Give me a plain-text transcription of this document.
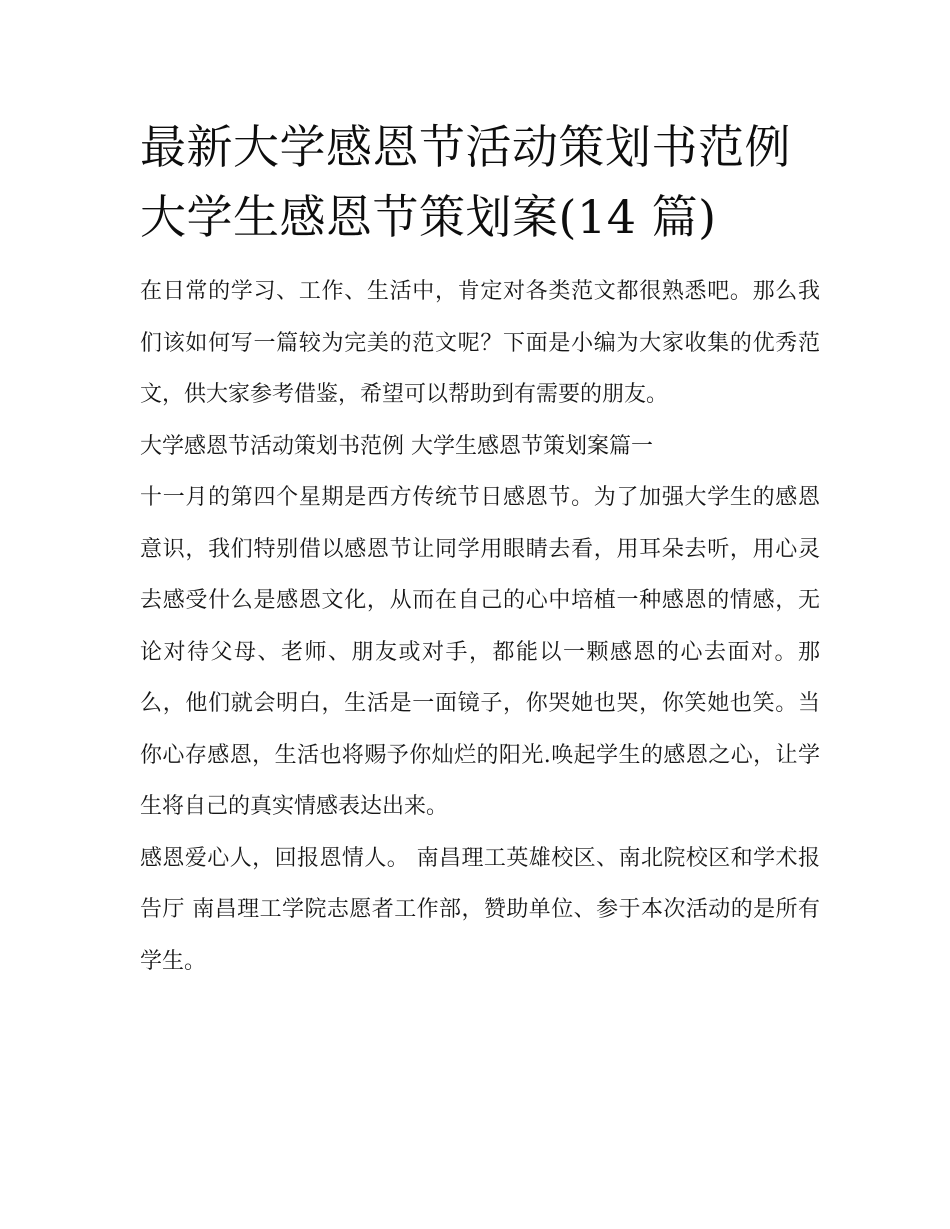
最新大学感恩节活动策划书范例 大学生感恩节策划案(14 篇)

在日常的学习、工作、生活中，肯定对各类范文都很熟悉吧。那么我们该如何写一篇较为完美的范文呢？下面是小编为大家收集的优秀范文，供大家参考借鉴，希望可以帮助到有需要的朋友。

大学感恩节活动策划书范例 大学生感恩节策划案篇一

十一月的第四个星期是西方传统节日感恩节。为了加强大学生的感恩意识，我们特别借以感恩节让同学用眼睛去看，用耳朵去听，用心灵去感受什么是感恩文化，从而在自己的心中培植一种感恩的情感，无论对待父母、老师、朋友或对手，都能以一颗感恩的心去面对。那么，他们就会明白，生活是一面镜子，你哭她也哭，你笑她也笑。当你心存感恩，生活也将赐予你灿烂的阳光.唤起学生的感恩之心，让学生将自己的真实情感表达出来。

感恩爱心人，回报恩情人。 南昌理工英雄校区、南北院校区和学术报告厅 南昌理工学院志愿者工作部，赞助单位、参于本次活动的是所有学生。
